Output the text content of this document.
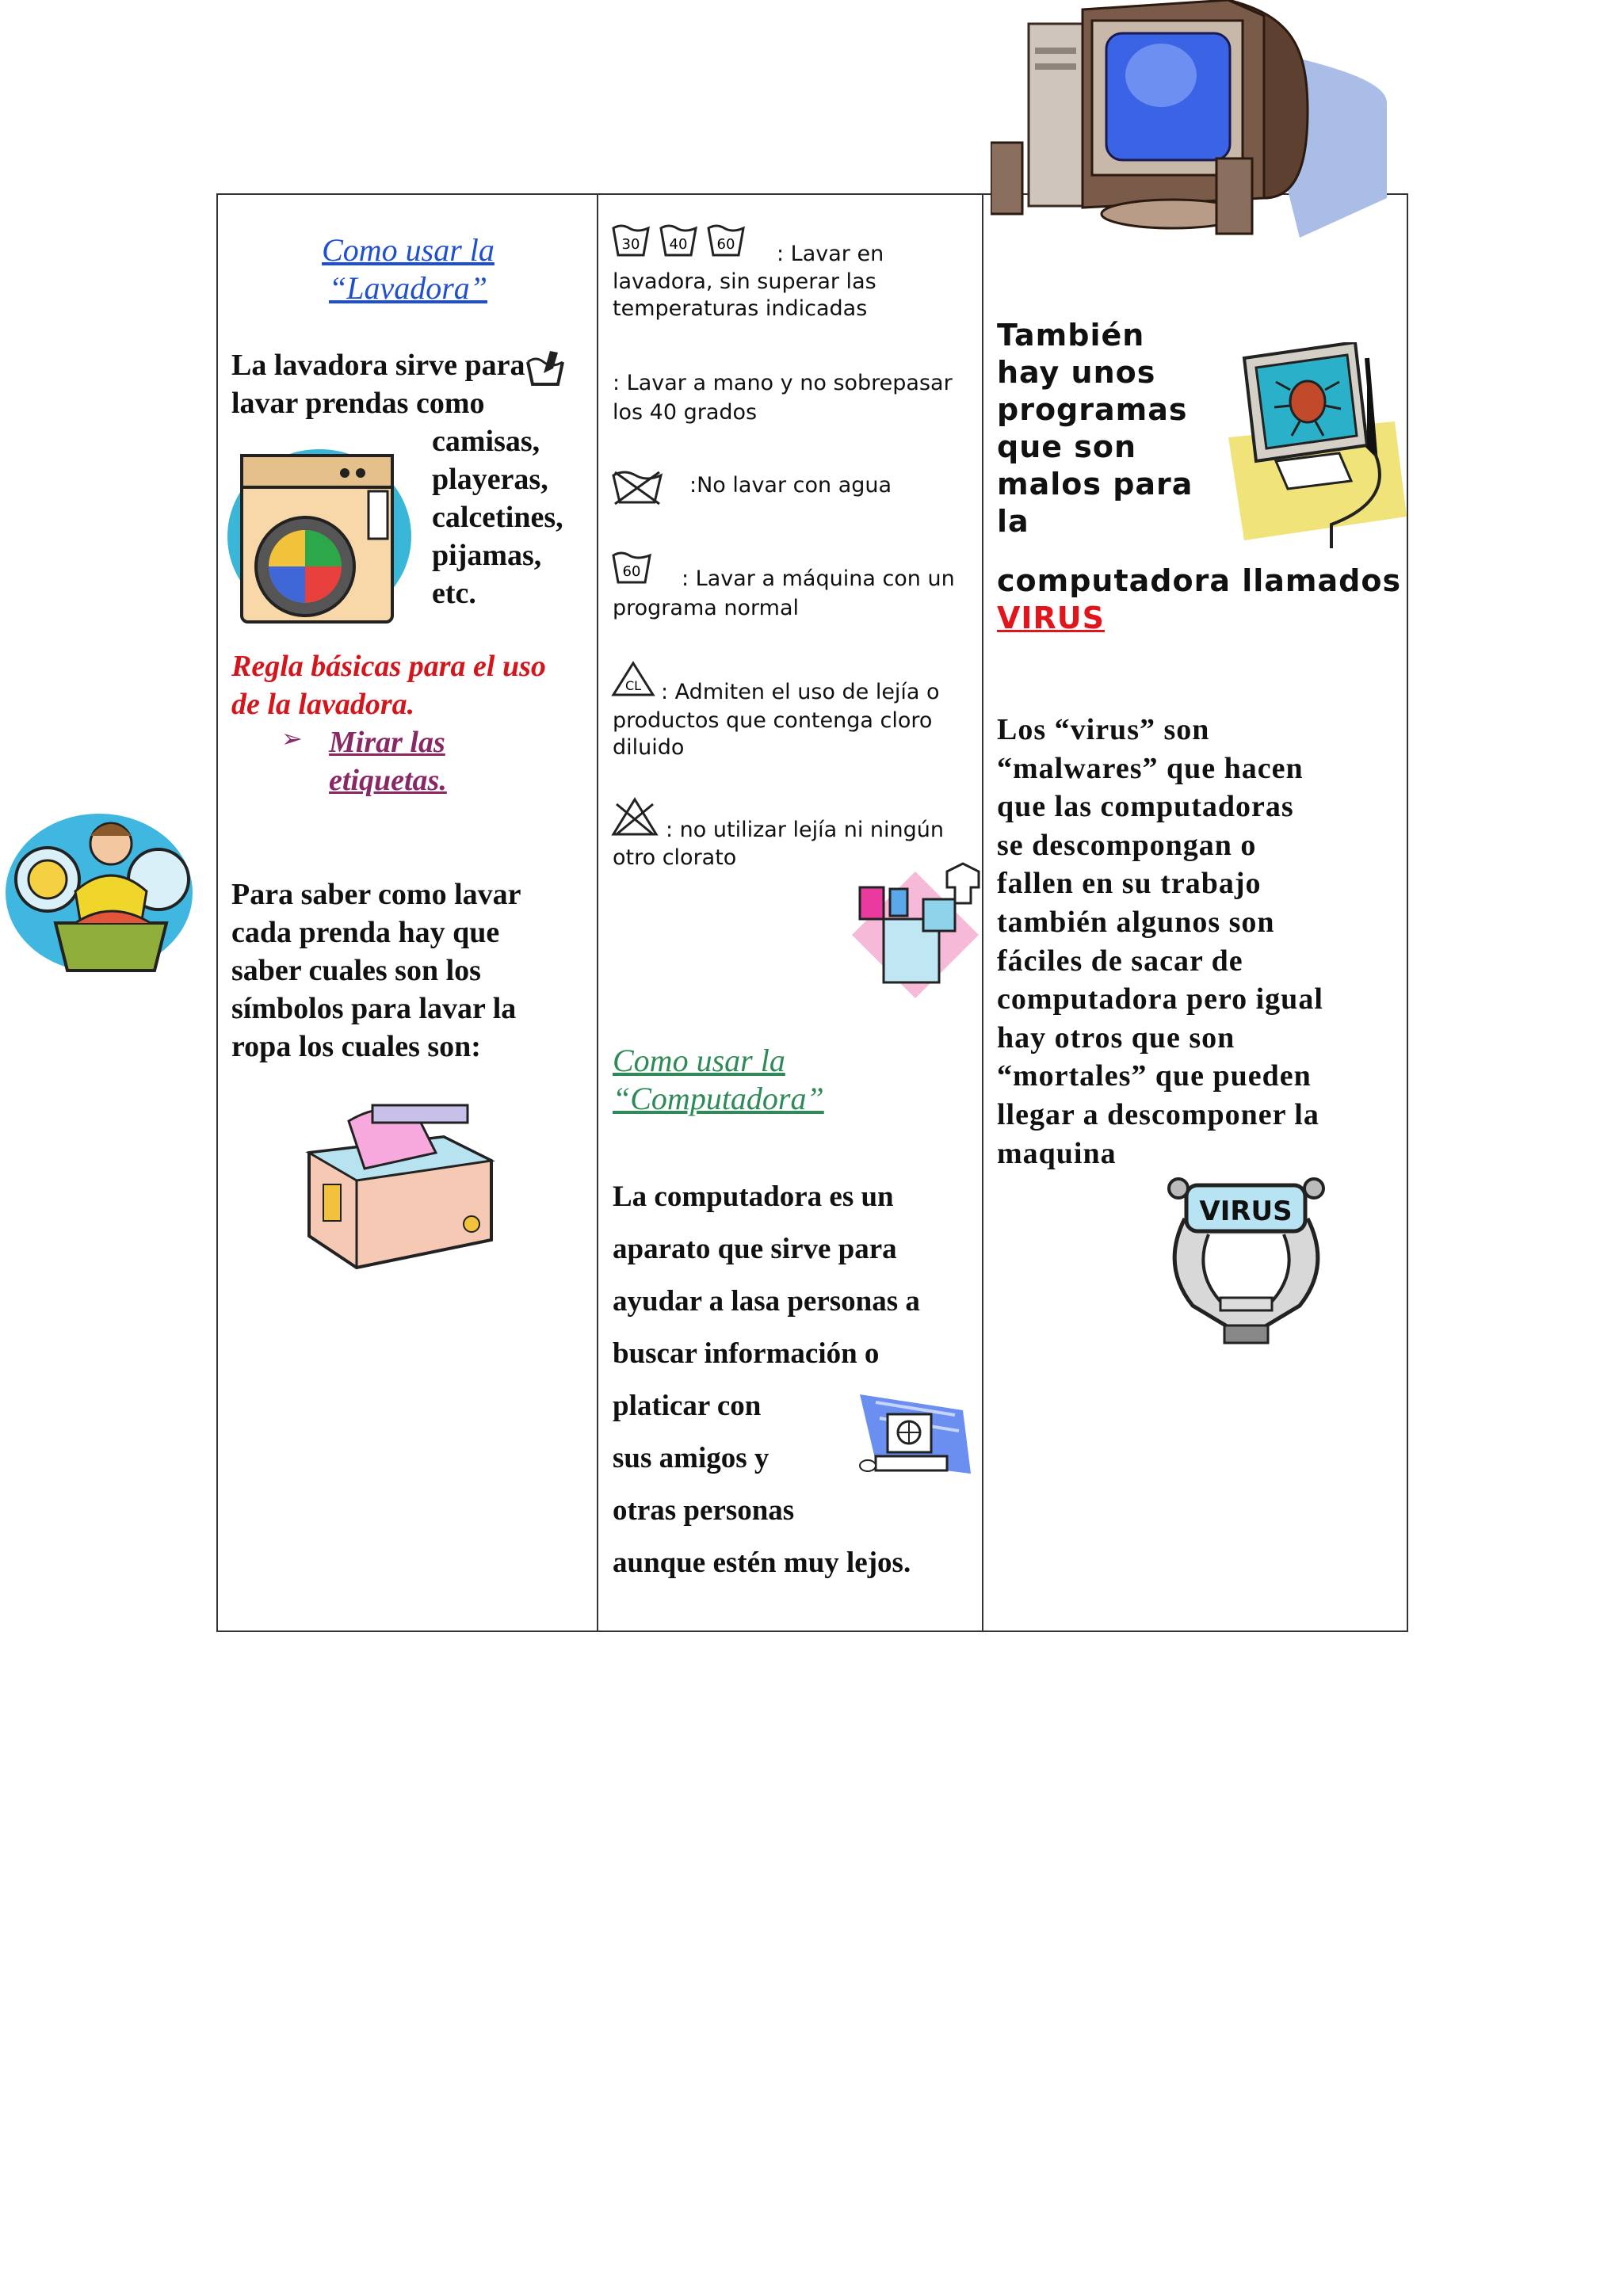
Como usar la
“Lavadora”
La lavadora sirve para
lavar prendas como
camisas,
playeras,
calcetines,
pijamas,
etc.
Regla básicas para el uso
de la lavadora.
➢ Mirar las
etiquetas.
Para saber como lavar
cada prenda hay que
saber cuales son los
símbolos para lavar la
ropa los cuales son:
30 40 60 : Lavar en
lavadora, sin superar las
temperaturas indicadas
: Lavar a mano y no sobrepasar
los 40 grados
:No lavar con agua
60 : Lavar a máquina con un
programa normal
CL : Admiten el uso de lejía o
productos que contenga cloro
diluido
: no utilizar lejía ni ningún
otro clorato
Como usar la
“Computadora”
La computadora es un
aparato que sirve para
ayudar a lasa personas a
buscar información o
platicar con
sus amigos y
otras personas
aunque estén muy lejos.
También
hay unos
programas
que son
malos para
la
computadora llamados
VIRUS
Los “virus” son
“malwares” que hacen
que las computadoras
se descompongan o
fallen en su trabajo
también algunos son
fáciles de sacar de
computadora pero igual
hay otros que son
“mortales” que pueden
llegar a descomponer la
maquina
VIRUS
